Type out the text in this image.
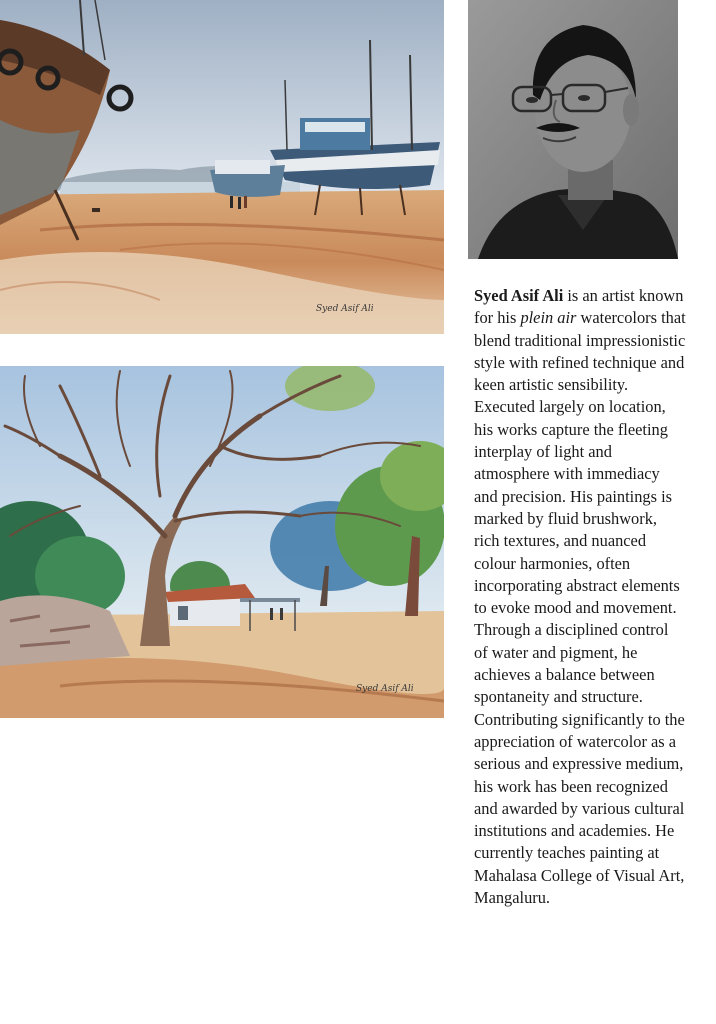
Syed Asif Ali
Syed Asif Ali

Syed Asif Ali is an artist known for his plein air watercolors that blend traditional impressionistic style with refined technique and keen artistic sensibility. Executed largely on location, his works capture the fleeting interplay of light and atmosphere with immediacy and precision. His paintings is marked by fluid brushwork, rich textures, and nuanced colour harmonies, often incorporating abstract elements to evoke mood and movement. Through a disciplined control of water and pigment, he achieves a balance between spontaneity and structure. Contributing significantly to the appreciation of watercolor as a serious and expressive medium, his work has been recognized and awarded by various cultural institutions and academies. He currently teaches painting at Mahalasa College of Visual Art, Mangaluru.
